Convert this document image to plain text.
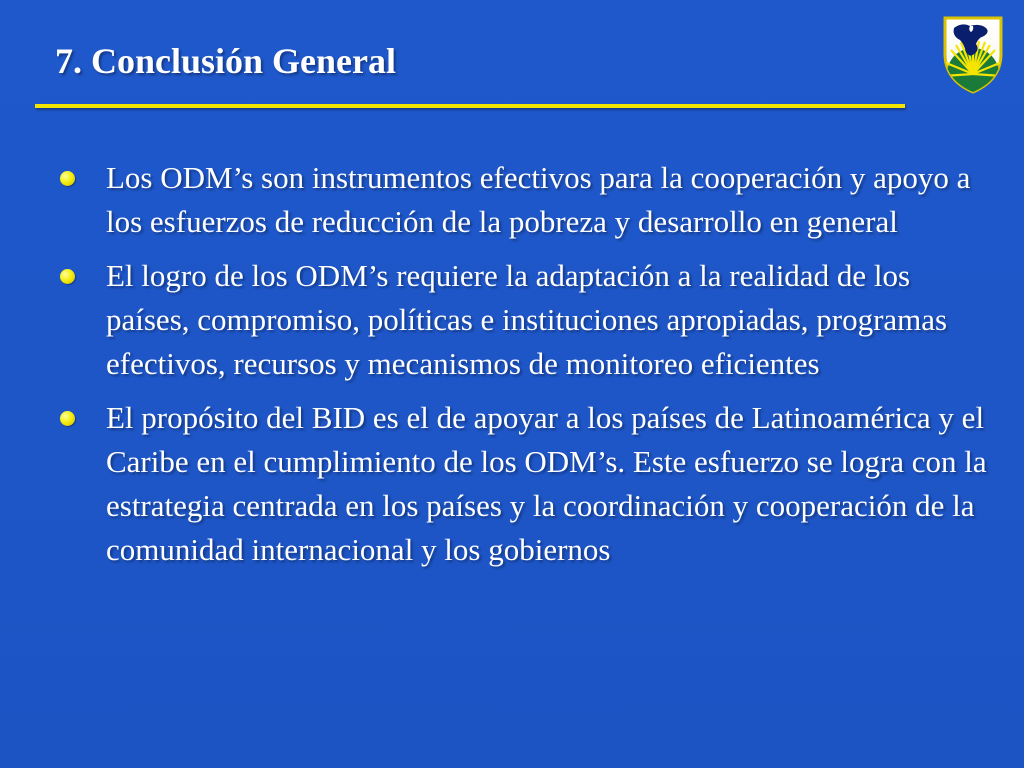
7. Conclusión General
Los ODM’s son instrumentos efectivos para la cooperación y apoyo a los esfuerzos de reducción de la pobreza y desarrollo en general
El logro de los ODM’s requiere la adaptación a la realidad de los países, compromiso, políticas e instituciones apropiadas, programas efectivos, recursos y mecanismos de monitoreo eficientes
El propósito del BID es el de apoyar a los países de Latinoamérica y el Caribe en el cumplimiento de los ODM’s. Este esfuerzo se logra con la estrategia centrada en los países y la coordinación y cooperación de la comunidad internacional y los gobiernos
